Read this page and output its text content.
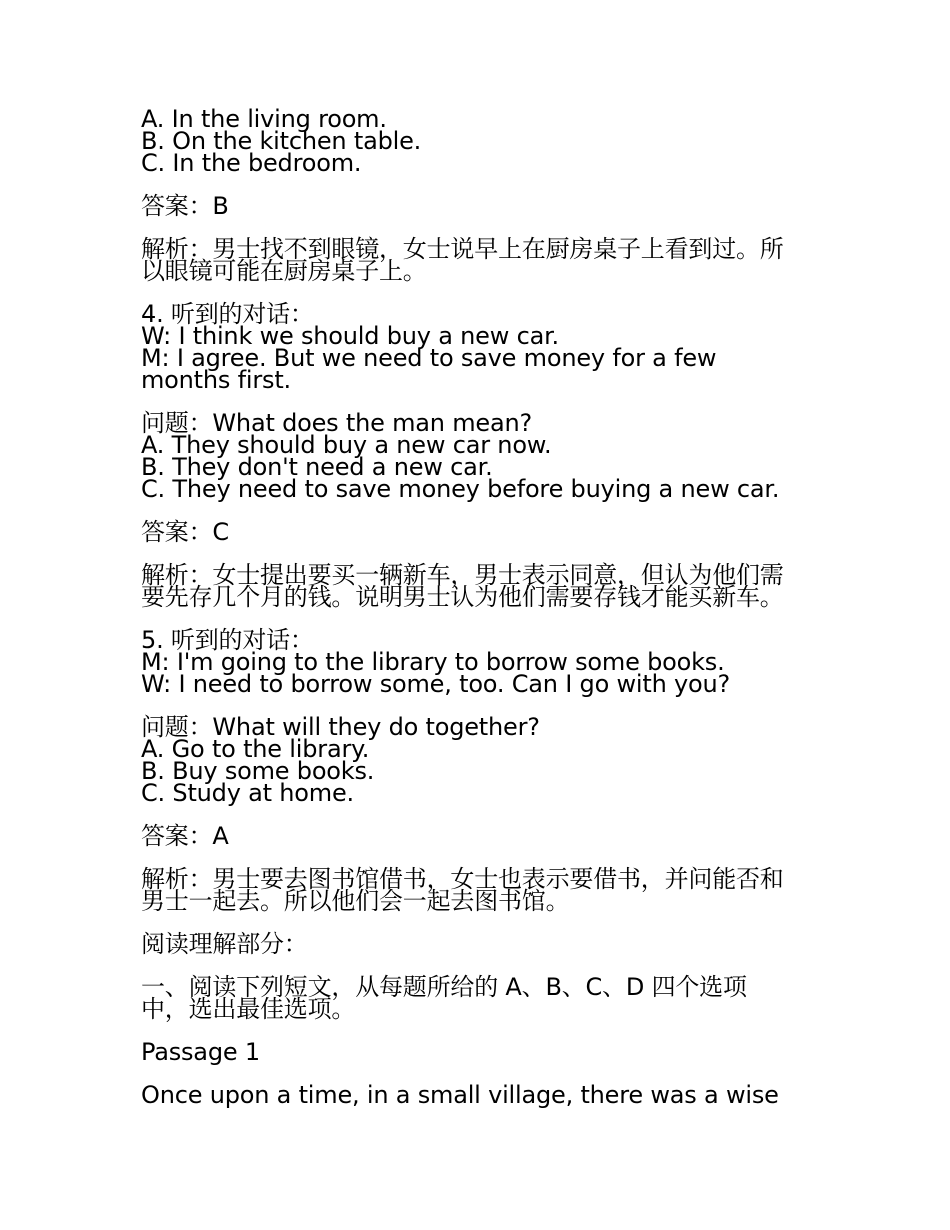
A. In the living room.
B. On the kitchen table.
C. In the bedroom.

答案：B

解析：男士找不到眼镜，女士说早上在厨房桌子上看到过。所
以眼镜可能在厨房桌子上。

4. 听到的对话：
W: I think we should buy a new car.
M: I agree. But we need to save money for a few
months first.

问题：What does the man mean?
A. They should buy a new car now.
B. They don't need a new car.
C. They need to save money before buying a new car.

答案：C

解析：女士提出要买一辆新车，男士表示同意，但认为他们需
要先存几个月的钱。说明男士认为他们需要存钱才能买新车。

5. 听到的对话：
M: I'm going to the library to borrow some books.
W: I need to borrow some, too. Can I go with you?

问题：What will they do together?
A. Go to the library.
B. Buy some books.
C. Study at home.

答案：A

解析：男士要去图书馆借书，女士也表示要借书，并问能否和
男士一起去。所以他们会一起去图书馆。

阅读理解部分：

一、阅读下列短文，从每题所给的 A、B、C、D 四个选项
中，选出最佳选项。

Passage 1

Once upon a time, in a small village, there was a wise
